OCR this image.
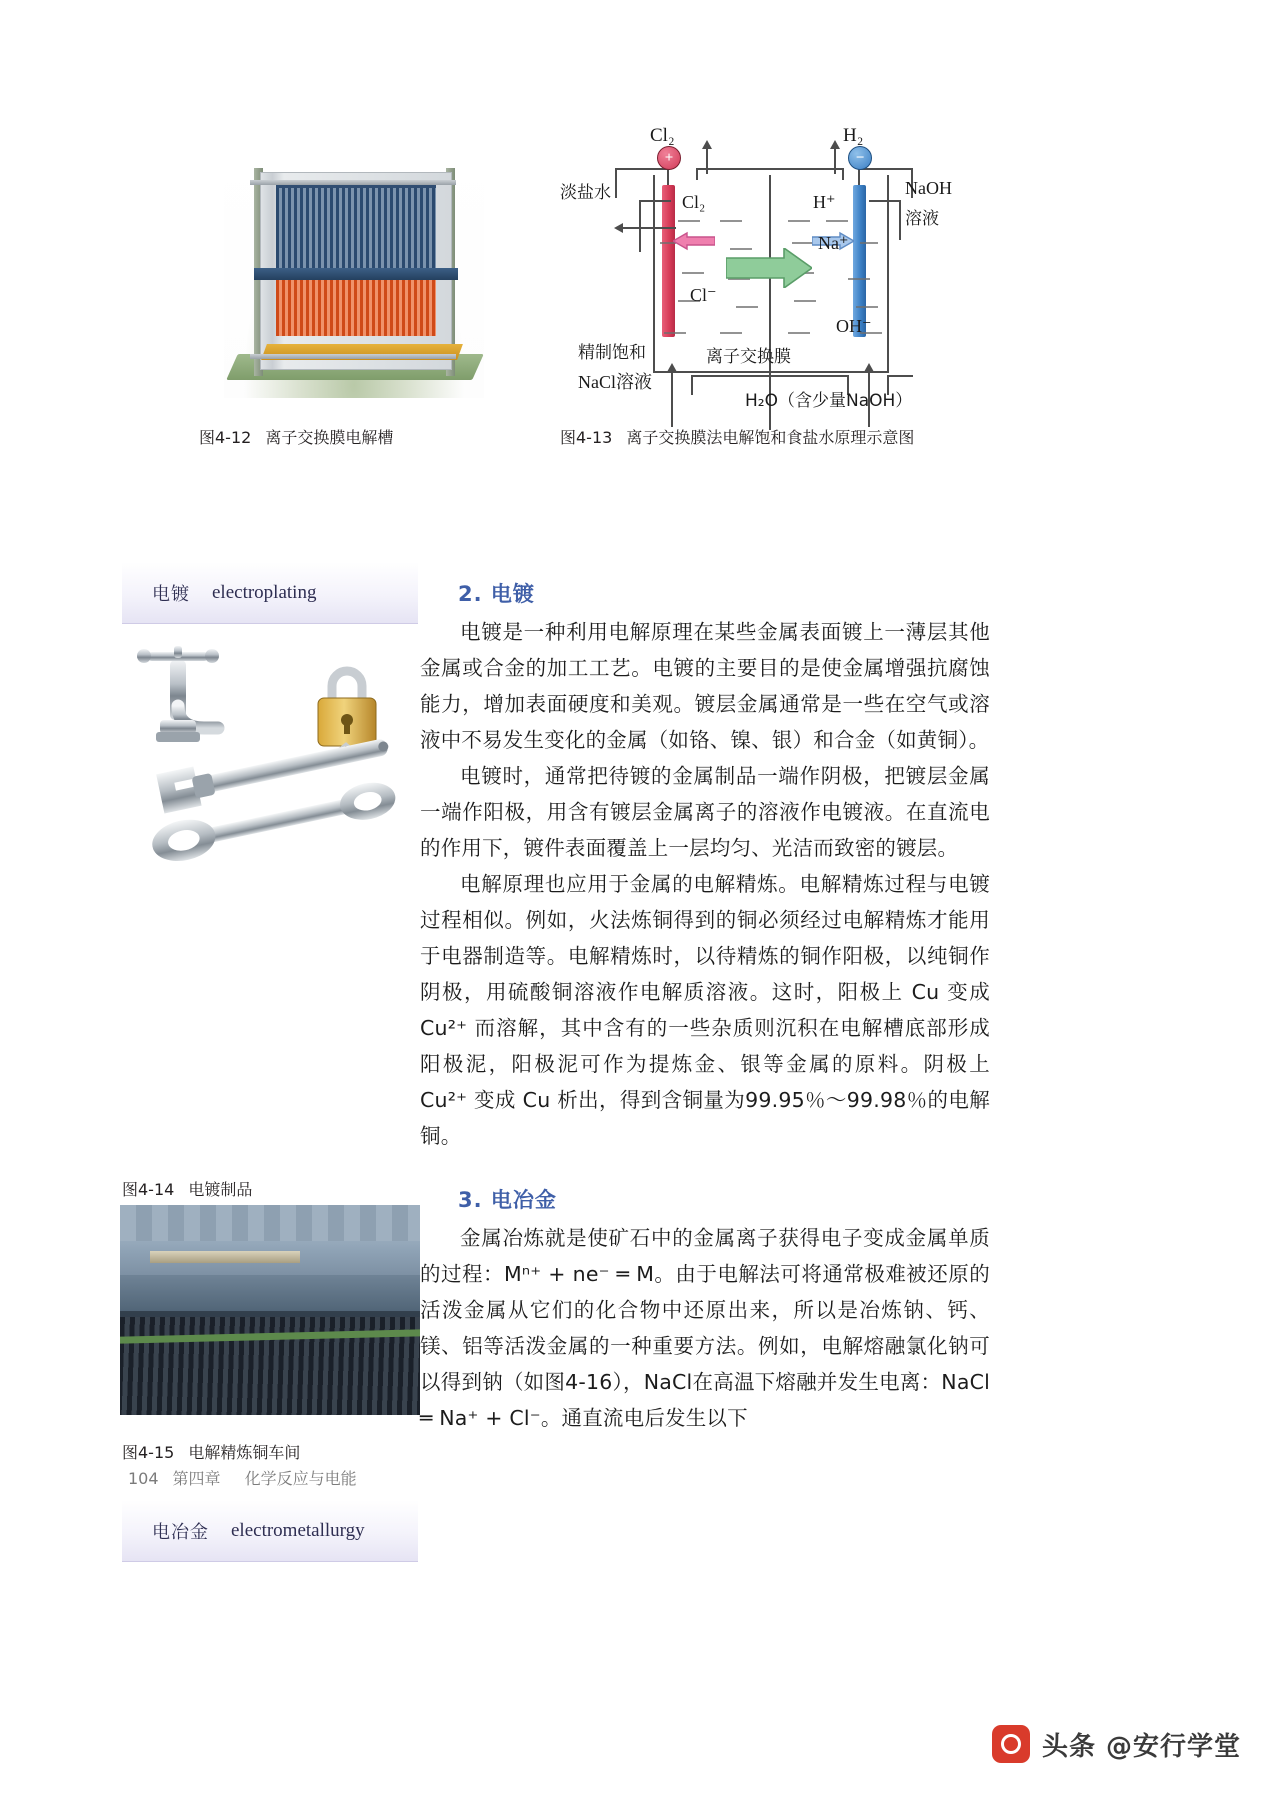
+	−
Cl₂	H₂
淡盐水	NaOH
溶液
Cl₂	H⁺
Na⁺
Cl⁻
OH⁻
精制饱和
NaCl溶液
离子交换膜
H₂O（含少量NaOH）
图4-12 离子交换膜电解槽	图4-13 离子交换膜法电解饱和食盐水原理示意图
电镀 electroplating
图4-14 电镀制品
图4-15 电解精炼铜车间
电冶金 electrometallurgy
2. 电镀

电镀是一种利用电解原理在某些金属表面镀上一薄层其他金属或合金的加工工艺。电镀的主要目的是使金属增强抗腐蚀能力，增加表面硬度和美观。镀层金属通常是一些在空气或溶液中不易发生变化的金属（如铬、镍、银）和合金（如黄铜）。

电镀时，通常把待镀的金属制品一端作阴极，把镀层金属一端作阳极，用含有镀层金属离子的溶液作电镀液。在直流电的作用下，镀件表面覆盖上一层均匀、光洁而致密的镀层。

电解原理也应用于金属的电解精炼。电解精炼过程与电镀过程相似。例如，火法炼铜得到的铜必须经过电解精炼才能用于电器制造等。电解精炼时，以待精炼的铜作阳极，以纯铜作阴极，用硫酸铜溶液作电解质溶液。这时，阳极上 Cu 变成 Cu²⁺ 而溶解，其中含有的一些杂质则沉积在电解槽底部形成阳极泥，阳极泥可作为提炼金、银等金属的原料。阴极上 Cu²⁺ 变成 Cu 析出，得到含铜量为99.95％～99.98％的电解铜。

3. 电冶金

金属冶炼就是使矿石中的金属离子获得电子变成金属单质的过程：Mⁿ⁺ + ne⁻ ═ M。由于电解法可将通常极难被还原的活泼金属从它们的化合物中还原出来，所以是冶炼钠、钙、镁、铝等活泼金属的一种重要方法。例如，电解熔融氯化钠可以得到钠（如图4-16），NaCl在高温下熔融并发生电离：NaCl ═ Na⁺ + Cl⁻。通直流电后发生以下

104 第四章 化学反应与电能
头条 @安行学堂
